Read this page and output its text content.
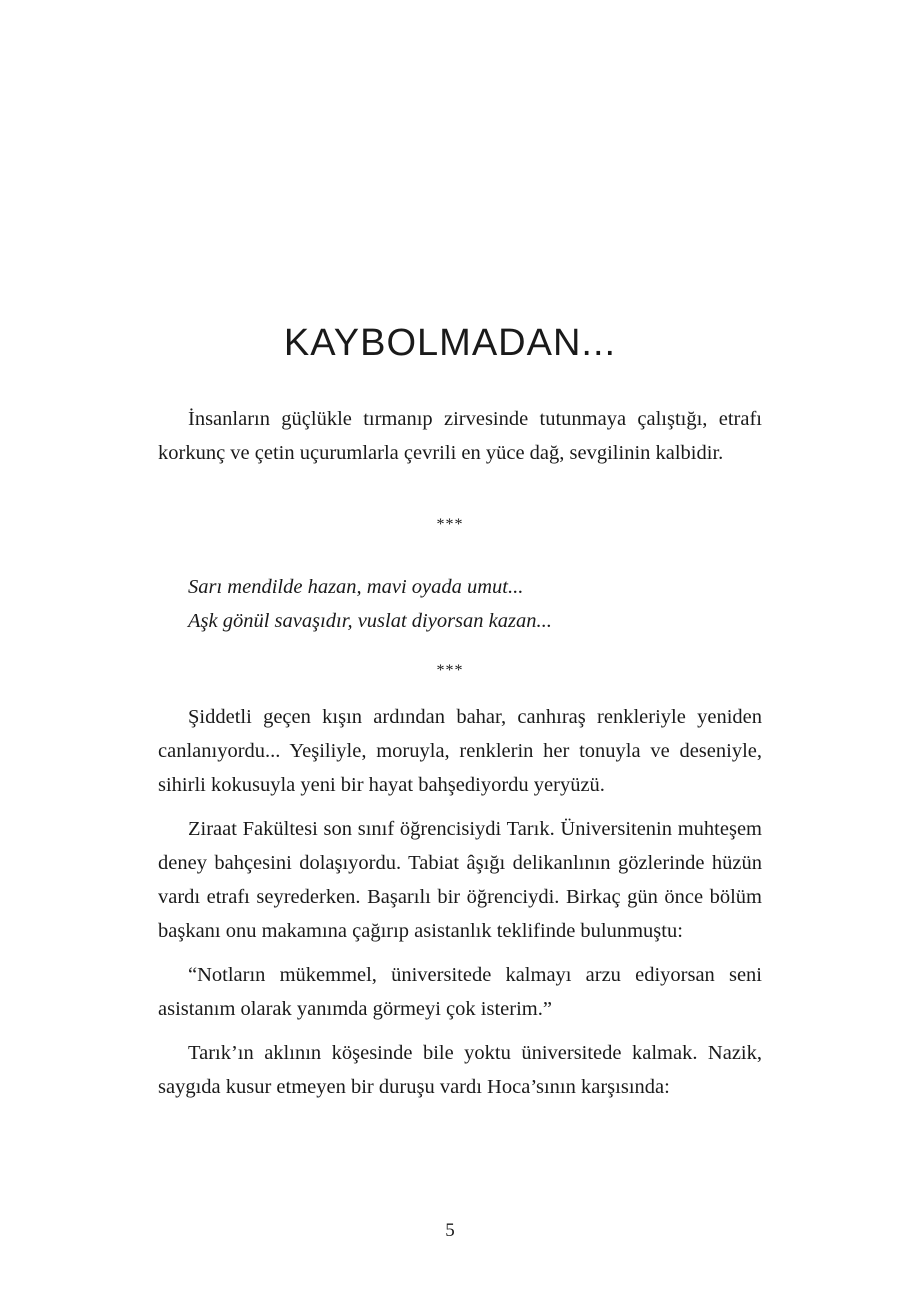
KAYBOLMADAN...

İnsanların güçlükle tırmanıp zirvesinde tutunmaya çalıştığı, etrafı korkunç ve çetin uçurumlarla çevrili en yüce dağ, sevgilinin kalbidir.

***
Sarı mendilde hazan, mavi oyada umut...
Aşk gönül savaşıdır, vuslat diyorsan kazan...
***

Şiddetli geçen kışın ardından bahar, canhıraş renkleriyle yeniden canlanıyordu... Yeşiliyle, moruyla, renklerin her tonuyla ve deseniyle, sihirli kokusuyla yeni bir hayat bahşediyordu yeryüzü.

Ziraat Fakültesi son sınıf öğrencisiydi Tarık. Üniversitenin muhteşem deney bahçesini dolaşıyordu. Tabiat âşığı delikanlının gözlerinde hüzün vardı etrafı seyrederken. Başarılı bir öğrenciydi. Birkaç gün önce bölüm başkanı onu makamına çağırıp asistanlık teklifinde bulunmuştu:

“Notların mükemmel, üniversitede kalmayı arzu ediyorsan seni asistanım olarak yanımda görmeyi çok isterim.”

Tarık’ın aklının köşesinde bile yoktu üniversitede kalmak. Nazik, saygıda kusur etmeyen bir duruşu vardı Hoca’sının karşısında:

5
